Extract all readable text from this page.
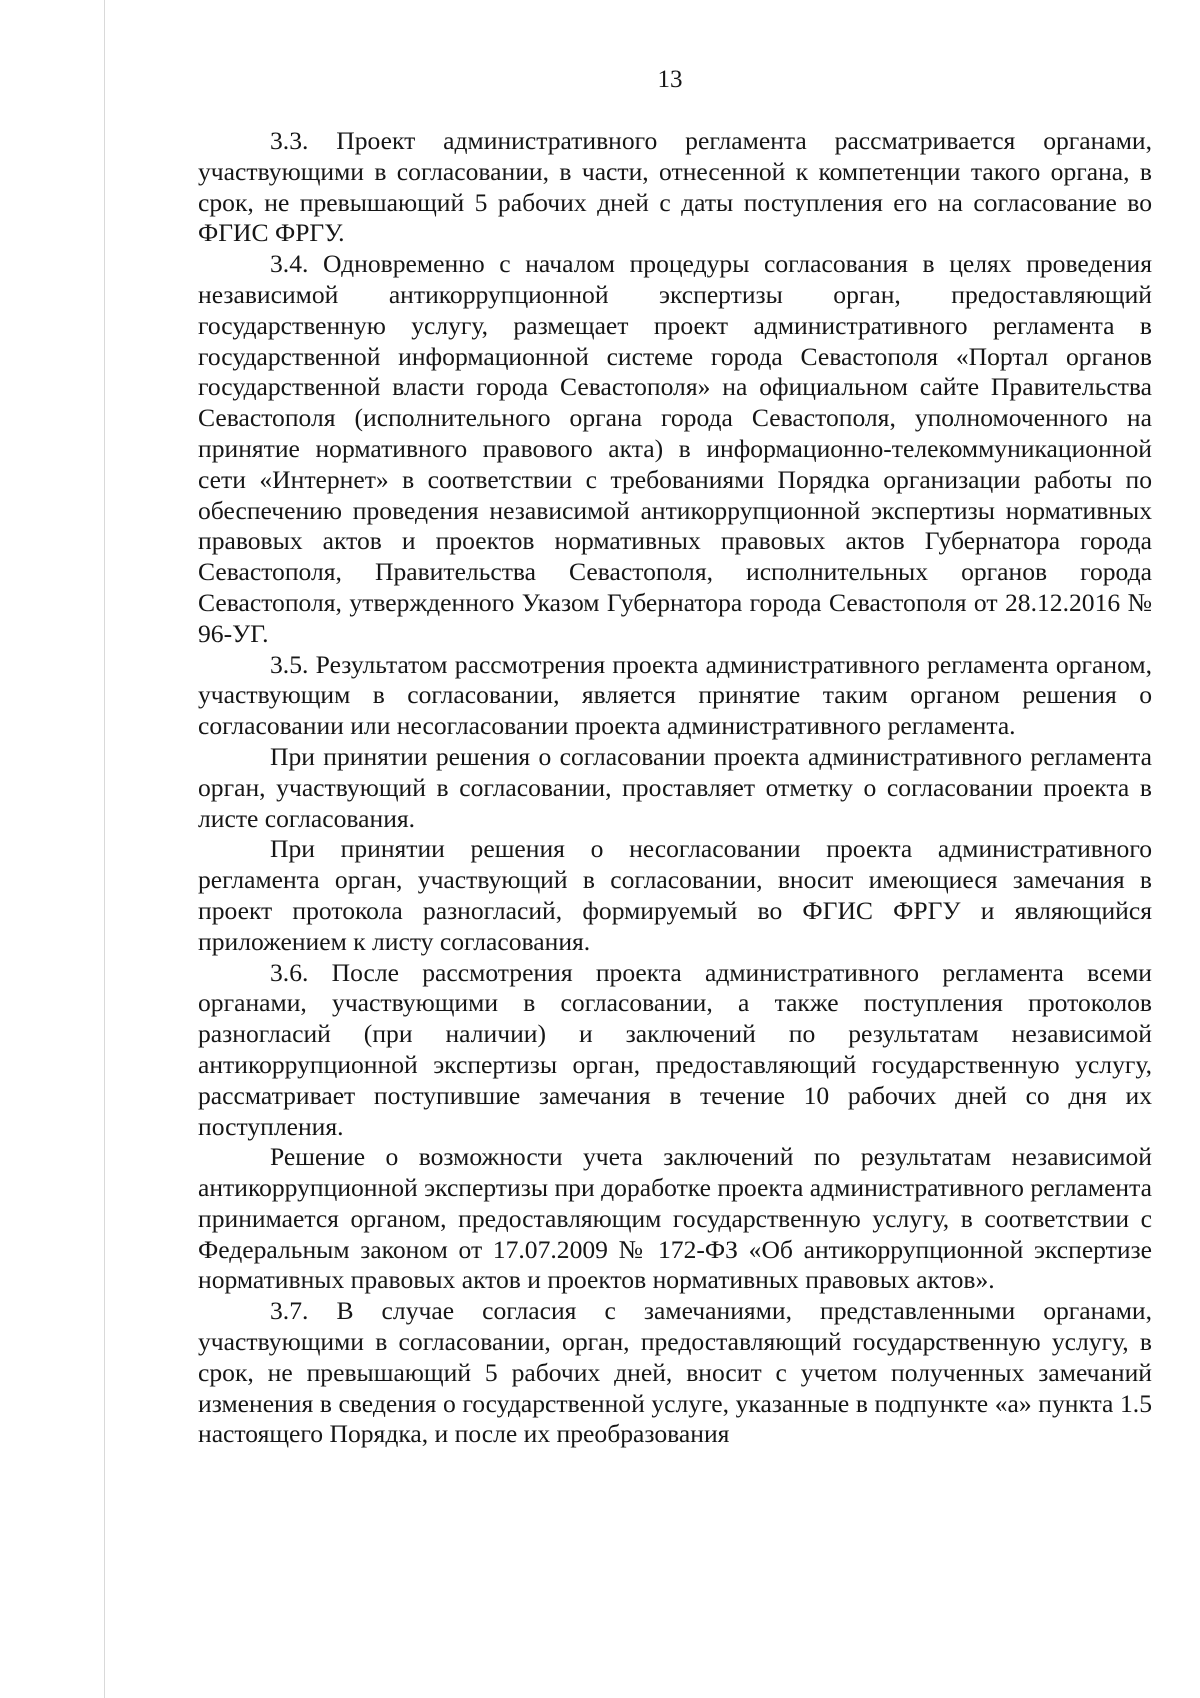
13

3.3. Проект административного регламента рассматривается органами, участвующими в согласовании, в части, отнесенной к компетенции такого органа, в срок, не превышающий 5 рабочих дней с даты поступления его на согласование во ФГИС ФРГУ.

3.4. Одновременно с началом процедуры согласования в целях проведения независимой антикоррупционной экспертизы орган, предоставляющий государственную услугу, размещает проект административного регламента в государственной информационной системе города Севастополя «Портал органов государственной власти города Севастополя» на официальном сайте Правительства Севастополя (исполнительного органа города Севастополя, уполномоченного на принятие нормативного правового акта) в информационно-телекоммуникационной сети «Интернет» в соответствии с требованиями Порядка организации работы по обеспечению проведения независимой антикоррупционной экспертизы нормативных правовых актов и проектов нормативных правовых актов Губернатора города Севастополя, Правительства Севастополя, исполнительных органов города Севастополя, утвержденного Указом Губернатора города Севастополя от 28.12.2016 № 96-УГ.

3.5. Результатом рассмотрения проекта административного регламента органом, участвующим в согласовании, является принятие таким органом решения о согласовании или несогласовании проекта административного регламента.

При принятии решения о согласовании проекта административного регламента орган, участвующий в согласовании, проставляет отметку о согласовании проекта в листе согласования.

При принятии решения о несогласовании проекта административного регламента орган, участвующий в согласовании, вносит имеющиеся замечания в проект протокола разногласий, формируемый во ФГИС ФРГУ и являющийся приложением к листу согласования.

3.6. После рассмотрения проекта административного регламента всеми органами, участвующими в согласовании, а также поступления протоколов разногласий (при наличии) и заключений по результатам независимой антикоррупционной экспертизы орган, предоставляющий государственную услугу, рассматривает поступившие замечания в течение 10 рабочих дней со дня их поступления.

Решение о возможности учета заключений по результатам независимой антикоррупционной экспертизы при доработке проекта административного регламента принимается органом, предоставляющим государственную услугу, в соответствии с Федеральным законом от 17.07.2009 № 172-ФЗ «Об антикоррупционной экспертизе нормативных правовых актов и проектов нормативных правовых актов».

3.7. В случае согласия с замечаниями, представленными органами, участвующими в согласовании, орган, предоставляющий государственную услугу, в срок, не превышающий 5 рабочих дней, вносит с учетом полученных замечаний изменения в сведения о государственной услуге, указанные в подпункте «а» пункта 1.5 настоящего Порядка, и после их преобразования
